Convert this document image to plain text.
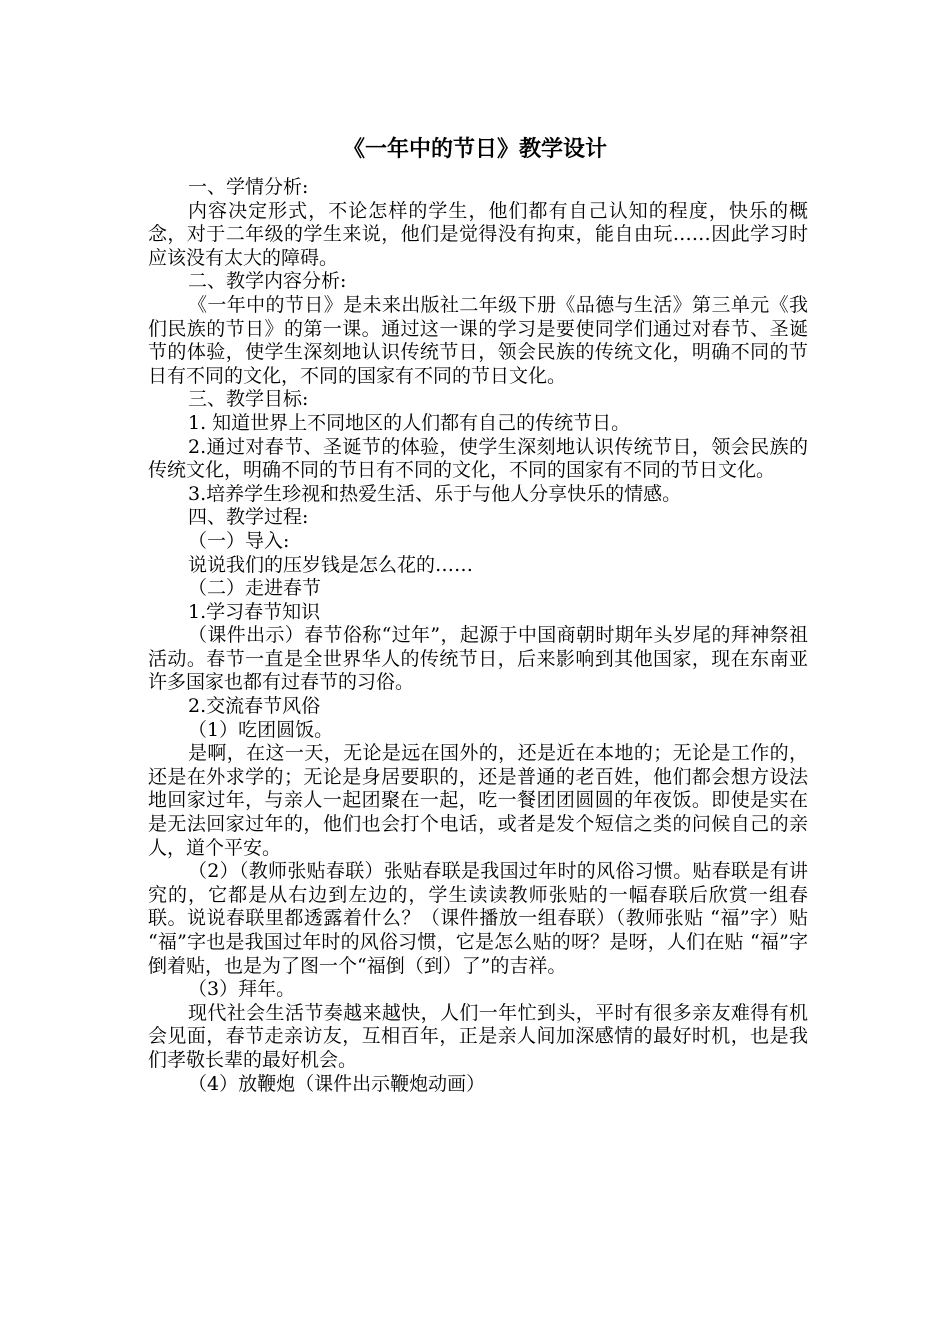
《一年中的节日》教学设计

一、学情分析:

内容决定形式，不论怎样的学生，他们都有自己认知的程度，快乐的概念，对于二年级的学生来说，他们是觉得没有拘束，能自由玩……因此学习时应该没有太大的障碍。

二、教学内容分析:

《一年中的节日》是未来出版社二年级下册《品德与生活》第三单元《我们民族的节日》的第一课。通过这一课的学习是要使同学们通过对春节、圣诞节的体验，使学生深刻地认识传统节日，领会民族的传统文化，明确不同的节日有不同的文化，不同的国家有不同的节日文化。

三、教学目标:

1. 知道世界上不同地区的人们都有自己的传统节日。

2.通过对春节、圣诞节的体验，使学生深刻地认识传统节日，领会民族的传统文化，明确不同的节日有不同的文化，不同的国家有不同的节日文化。

3.培养学生珍视和热爱生活、乐于与他人分享快乐的情感。

四、教学过程:

（一）导入:

说说我们的压岁钱是怎么花的……

（二）走进春节

1.学习春节知识

（课件出示）春节俗称“过年”，起源于中国商朝时期年头岁尾的拜神祭祖活动。春节一直是全世界华人的传统节日，后来影响到其他国家，现在东南亚许多国家也都有过春节的习俗。

2.交流春节风俗

（1）吃团圆饭。

是啊，在这一天，无论是远在国外的，还是近在本地的；无论是工作的，还是在外求学的；无论是身居要职的，还是普通的老百姓，他们都会想方设法地回家过年，与亲人一起团聚在一起，吃一餐团团圆圆的年夜饭。即使是实在是无法回家过年的，他们也会打个电话，或者是发个短信之类的问候自己的亲人，道个平安。

（2）（教师张贴春联）张贴春联是我国过年时的风俗习惯。贴春联是有讲究的，它都是从右边到左边的，学生读读教师张贴的一幅春联后欣赏一组春联。说说春联里都透露着什么？（课件播放一组春联）（教师张贴 “福”字）贴 “福”字也是我国过年时的风俗习惯，它是怎么贴的呀？是呀，人们在贴 “福”字倒着贴，也是为了图一个“福倒（到）了”的吉祥。

（3）拜年。

现代社会生活节奏越来越快，人们一年忙到头，平时有很多亲友难得有机会见面，春节走亲访友，互相百年，正是亲人间加深感情的最好时机，也是我们孝敬长辈的最好机会。

（4）放鞭炮（课件出示鞭炮动画）
